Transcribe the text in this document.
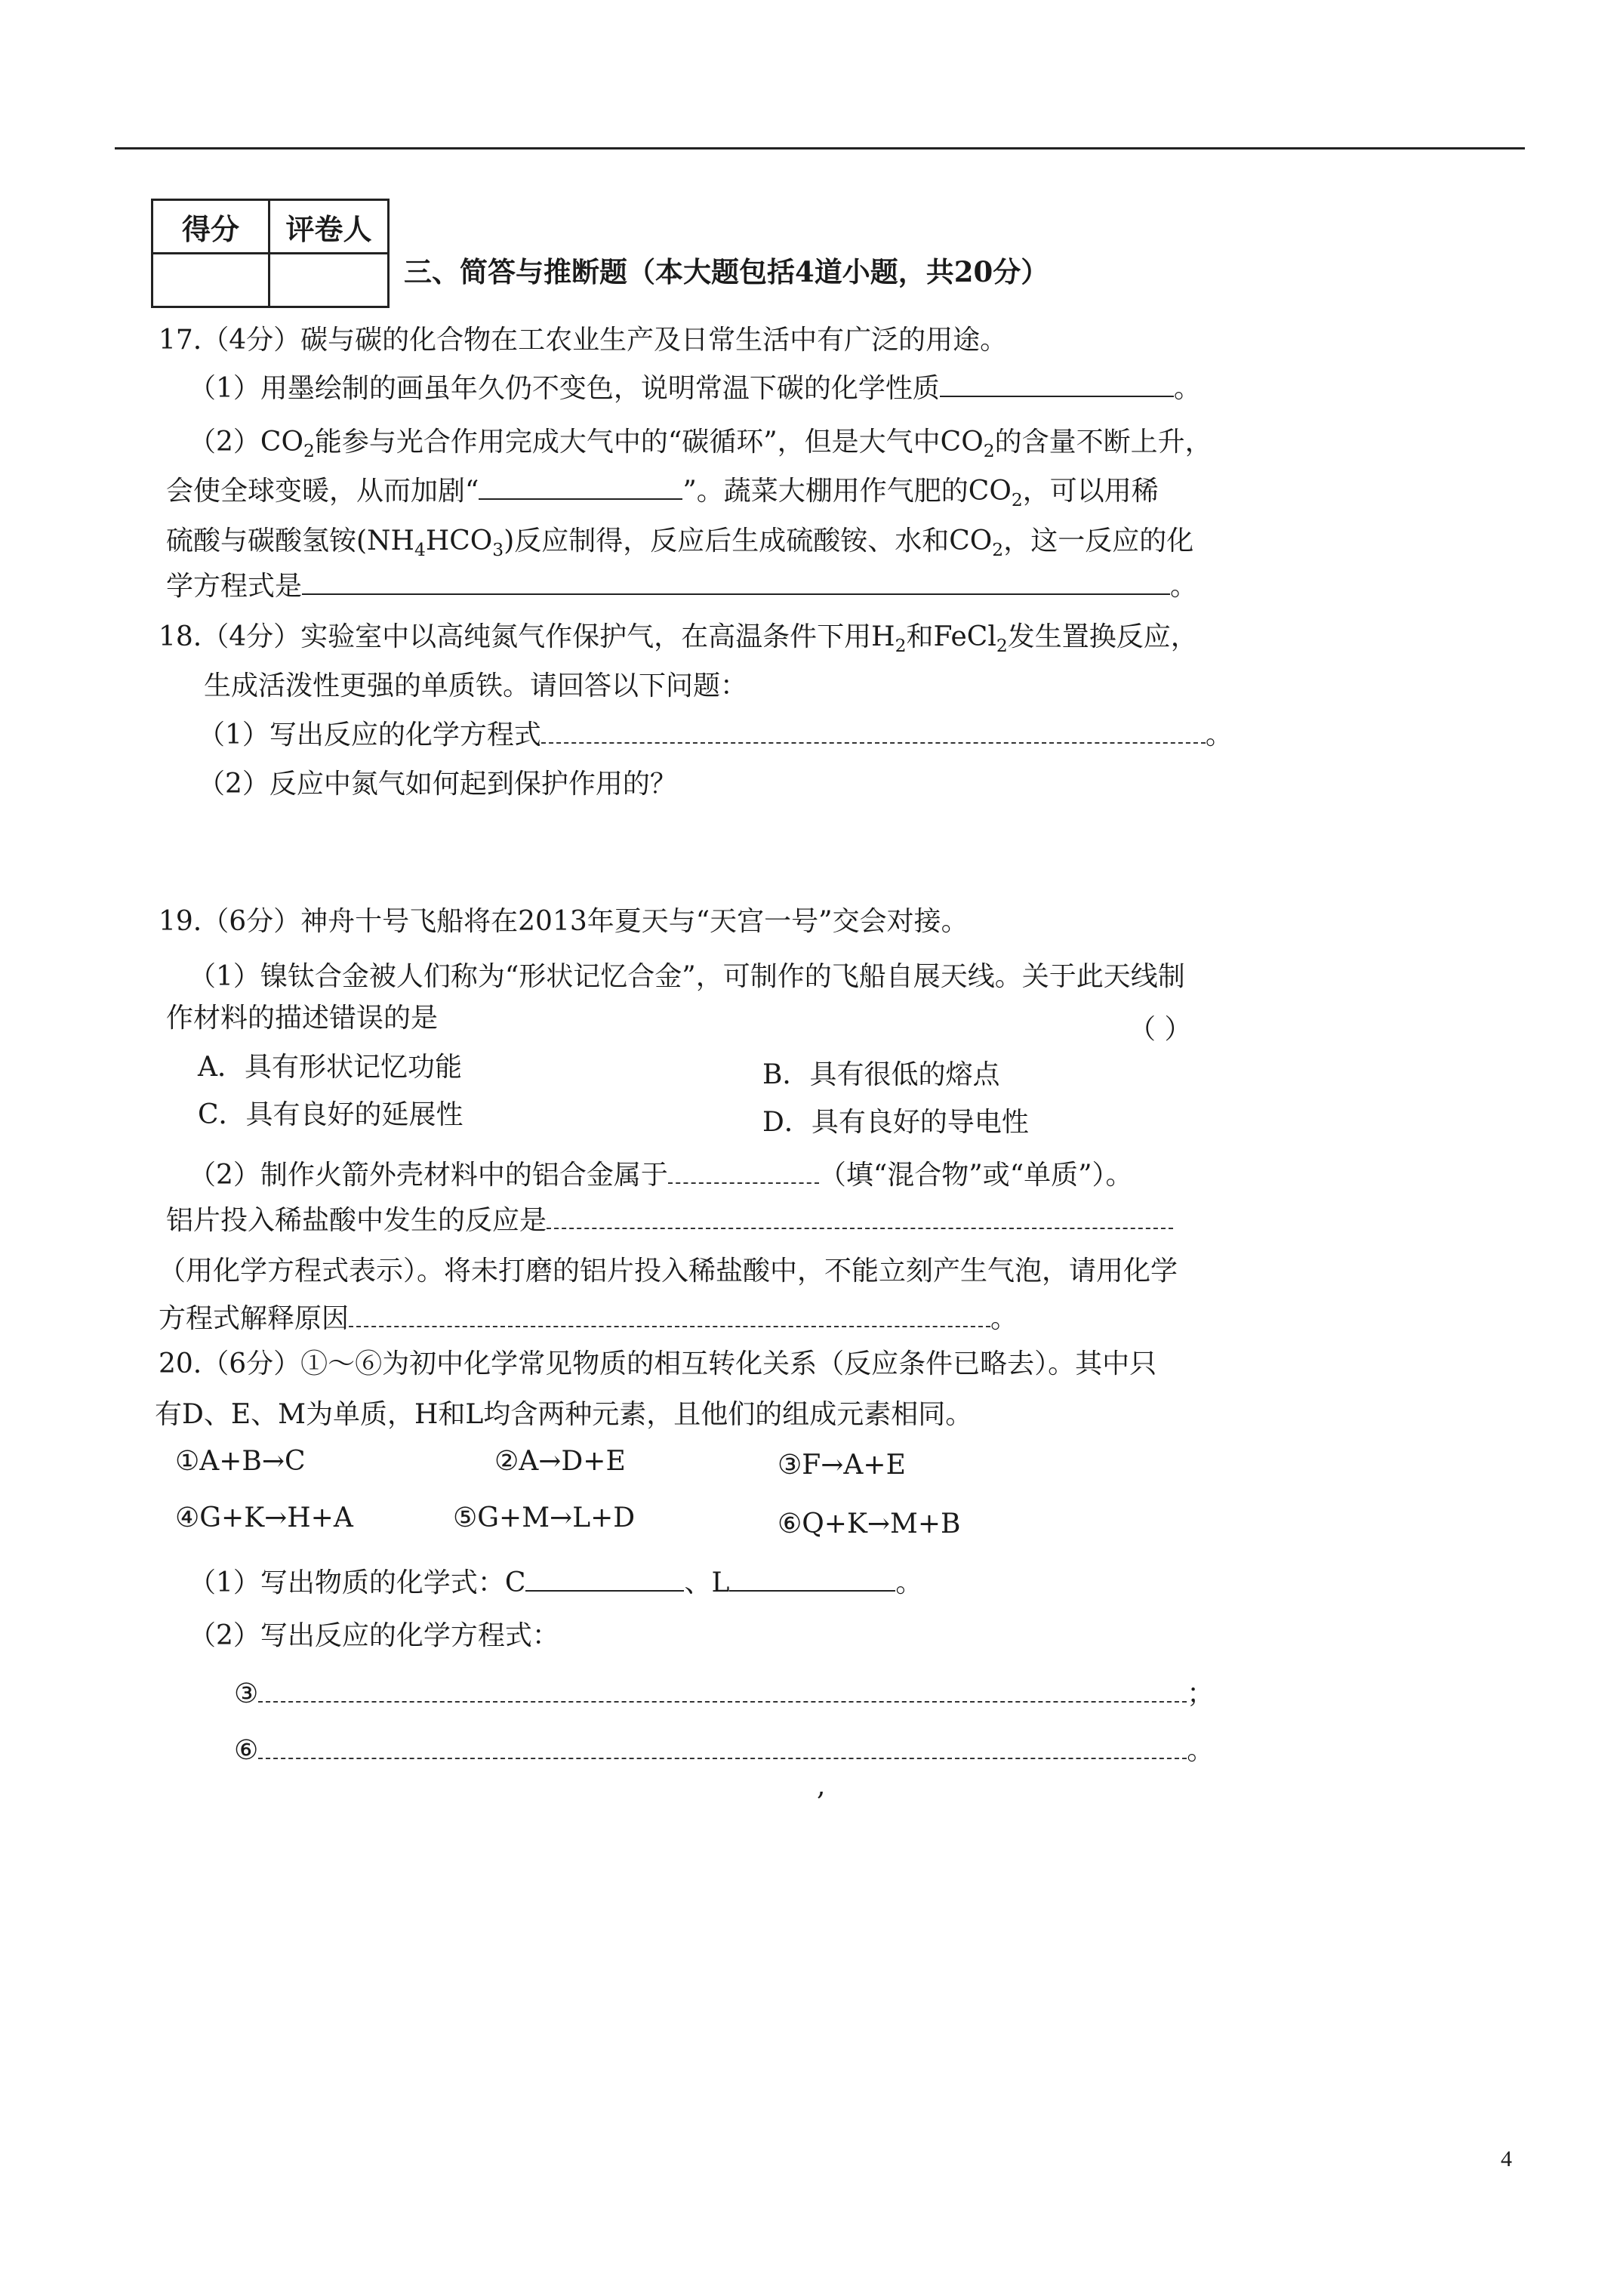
得分	评卷人

三、简答与推断题（本大题包括4道小题，共20分）
17.（4分）碳与碳的化合物在工农业生产及日常生活中有广泛的用途。
（1）用墨绘制的画虽年久仍不变色，说明常温下碳的化学性质	。
$(2)CO_2$能参与光合作用完成大气中的“碳循环”，但是大气中$CO_2$的含量不断上升，
会使全球变暖，从而加剧“	”。蔬菜大棚用作气肥的$CO_2$，可以用稀
硫酸与碳酸氢铵$(NH_4HCO_3)$反应制得，反应后生成硫酸铵、水和$CO_2$，这一反应的化
学方程式是	。
18.（4分）实验室中以高纯氮气作保护气，在高温条件下用$H_2$和FeCl$_2$发生置换反应，
生成活泼性更强的单质铁。请回答以下问题：
（1）写出反应的化学方程式	。
（2）反应中氮气如何起到保护作用的？
19.（6分）神舟十号飞船将在2013年夏天与“天宫一号”交会对接。
（1）镍钛合金被人们称为“形状记忆合金”，可制作的飞船自展天线。关于此天线制
作材料的描述错误的是	（ ）
A．具有形状记忆功能	B．具有很低的熔点
C．具有良好的延展性	D．具有良好的导电性
（2）制作火箭外壳材料中的铝合金属于	（填“混合物”或“单质”）。
铝片投入稀盐酸中发生的反应是
（用化学方程式表示）。将未打磨的铝片投入稀盐酸中，不能立刻产生气泡，请用化学
方程式解释原因	。
20.（6分）①～⑥为初中化学常见物质的相互转化关系（反应条件已略去）。其中只
有D、E、M为单质，H和L均含两种元素，且他们的组成元素相同。
①A+B→C	②A→D+E	③F→A+E
④G+K→H+A	⑤G+M→L+D	⑥Q+K→M+B
（1）写出物质的化学式：C	、L	。
（2）写出反应的化学方程式：
③	；
⑥	。
,
4
